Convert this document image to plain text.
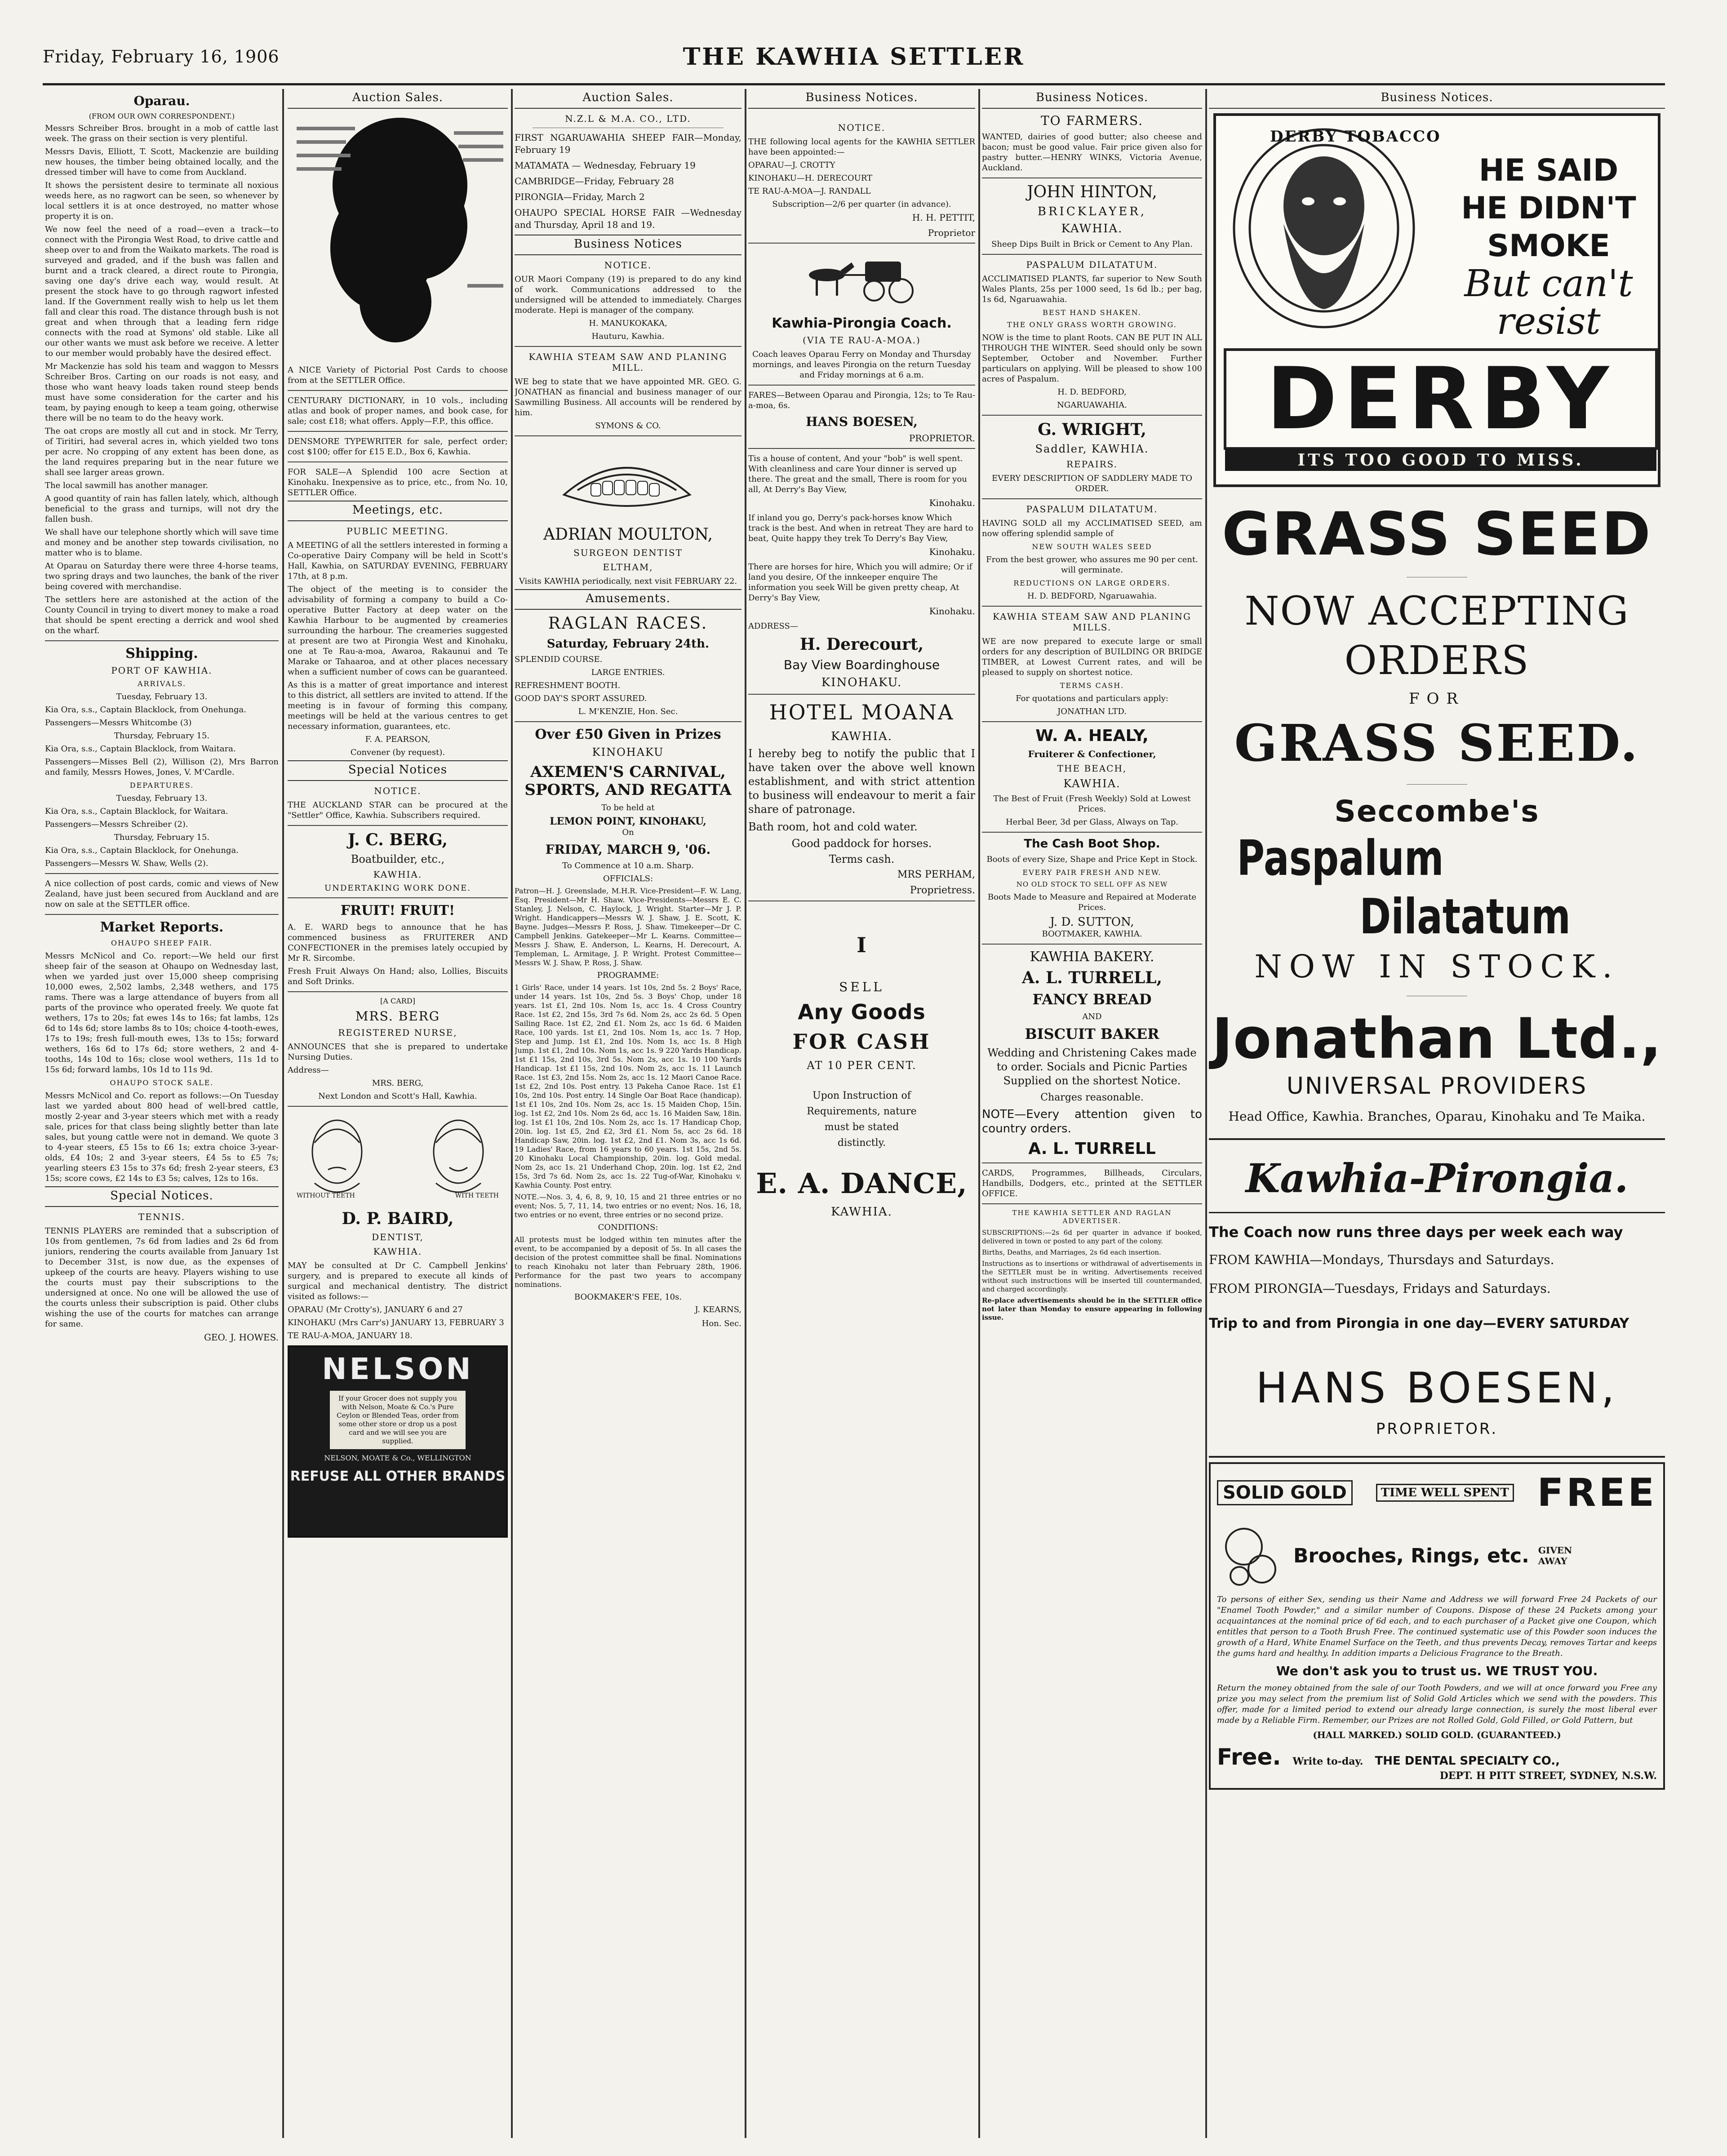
Friday, February 16, 1906	THE KAWHIA SETTLER
Oparau.
(FROM OUR OWN CORRESPONDENT.)

Messrs Schreiber Bros. brought in a mob of cattle last week. The grass on their section is very plentiful.

Messrs Davis, Elliott, T. Scott, Mackenzie are building new houses, the timber being obtained locally, and the dressed timber will have to come from Auckland.

It shows the persistent desire to terminate all noxious weeds here, as no ragwort can be seen, so whenever by local settlers it is at once destroyed, no matter whose property it is on.

We now feel the need of a road—even a track—to connect with the Pirongia West Road, to drive cattle and sheep over to and from the Waikato markets. The road is surveyed and graded, and if the bush was fallen and burnt and a track cleared, a direct route to Pirongia, saving one day's drive each way, would result. At present the stock have to go through ragwort infested land. If the Government really wish to help us let them fall and clear this road. The distance through bush is not great and when through that a leading fern ridge connects with the road at Symons' old stable. Like all our other wants we must ask before we receive. A letter to our member would probably have the desired effect.

Mr Mackenzie has sold his team and waggon to Messrs Schreiber Bros. Carting on our roads is not easy, and those who want heavy loads taken round steep bends must have some consideration for the carter and his team, by paying enough to keep a team going, otherwise there will be no team to do the heavy work.

The oat crops are mostly all cut and in stock. Mr Terry, of Tiritiri, had several acres in, which yielded two tons per acre. No cropping of any extent has been done, as the land requires preparing but in the near future we shall see larger areas grown.

The local sawmill has another manager.

A good quantity of rain has fallen lately, which, although beneficial to the grass and turnips, will not dry the fallen bush.

We shall have our telephone shortly which will save time and money and be another step towards civilisation, no matter who is to blame.

At Oparau on Saturday there were three 4-horse teams, two spring drays and two launches, the bank of the river being covered with merchandise.

The settlers here are astonished at the action of the County Council in trying to divert money to make a road that should be spent erecting a derrick and wool shed on the wharf.

Shipping.
PORT OF KAWHIA.
ARRIVALS.
Tuesday, February 13.
Kia Ora, s.s., Captain Blacklock, from Onehunga.
Passengers—Messrs Whitcombe (3)
Thursday, February 15.
Kia Ora, s.s., Captain Blacklock, from Waitara.
Passengers—Misses Bell (2), Willison (2), Mrs Barron and family, Messrs Howes, Jones, V. M'Cardle.
DEPARTURES.
Tuesday, February 13.
Kia Ora, s.s., Captain Blacklock, for Waitara.
Passengers—Messrs Schreiber (2).
Thursday, February 15.
Kia Ora, s.s., Captain Blacklock, for Onehunga.
Passengers—Messrs W. Shaw, Wells (2).

A nice collection of post cards, comic and views of New Zealand, have just been secured from Auckland and are now on sale at the SETTLER office.

Market Reports.
OHAUPO SHEEP FAIR.

Messrs McNicol and Co. report:—We held our first sheep fair of the season at Ohaupo on Wednesday last, when we yarded just over 15,000 sheep comprising 10,000 ewes, 2,502 lambs, 2,348 wethers, and 175 rams. There was a large attendance of buyers from all parts of the province who operated freely. We quote fat wethers, 17s to 20s; fat ewes 14s to 16s; fat lambs, 12s 6d to 14s 6d; store lambs 8s to 10s; choice 4-tooth-ewes, 17s to 19s; fresh full-mouth ewes, 13s to 15s; forward wethers, 16s 6d to 17s 6d; store wethers, 2 and 4-tooths, 14s 10d to 16s; close wool wethers, 11s 1d to 15s 6d; forward lambs, 10s 1d to 11s 9d.

OHAUPO STOCK SALE.

Messrs McNicol and Co. report as follows:—On Tuesday last we yarded about 800 head of well-bred cattle, mostly 2-year and 3-year steers which met with a ready sale, prices for that class being slightly better than late sales, but young cattle were not in demand. We quote 3 to 4-year steers, £5 15s to £6 1s; extra choice 3-year-olds, £4 10s; 2 and 3-year steers, £4 5s to £5 7s; yearling steers £3 15s to 37s 6d; fresh 2-year steers, £3 15s; score cows, £2 14s to £3 5s; calves, 12s to 16s.

Special Notices.
TENNIS.

TENNIS PLAYERS are reminded that a subscription of 10s from gentlemen, 7s 6d from ladies and 2s 6d from juniors, rendering the courts available from January 1st to December 31st, is now due, as the expenses of upkeep of the courts are heavy. Players wishing to use the courts must pay their subscriptions to the undersigned at once. No one will be allowed the use of the courts unless their subscription is paid. Other clubs wishing the use of the courts for matches can arrange for same.

GEO. J. HOWES.
Auction Sales.

A NICE Variety of Pictorial Post Cards to choose from at the SETTLER Office.

CENTURARY DICTIONARY, in 10 vols., including atlas and book of proper names, and book case, for sale; cost £18; what offers. Apply—F.P., this office.

DENSMORE TYPEWRITER for sale, perfect order; cost $100; offer for £15 E.D., Box 6, Kawhia.

FOR SALE—A Splendid 100 acre Section at Kinohaku. Inexpensive as to price, etc., from No. 10, SETTLER Office.

Meetings, etc.
PUBLIC MEETING.

A MEETING of all the settlers interested in forming a Co-operative Dairy Company will be held in Scott's Hall, Kawhia, on SATURDAY EVENING, FEBRUARY 17th, at 8 p.m.

The object of the meeting is to consider the advisability of forming a company to build a Co-operative Butter Factory at deep water on the Kawhia Harbour to be augmented by creameries surrounding the harbour. The creameries suggested at present are two at Pirongia West and Kinohaku, one at Te Rau-a-moa, Awaroa, Rakaunui and Te Marake or Tahaaroa, and at other places necessary when a sufficient number of cows can be guaranteed.

As this is a matter of great importance and interest to this district, all settlers are invited to attend. If the meeting is in favour of forming this company, meetings will be held at the various centres to get necessary information, guarantees, etc.

F. A. PEARSON,
Convener (by request).
Special Notices
NOTICE.

THE AUCKLAND STAR can be procured at the "Settler" Office, Kawhia. Subscribers required.

J. C. BERG,
Boatbuilder, etc.,
KAWHIA.
UNDERTAKING WORK DONE.
FRUIT! FRUIT!

A. E. WARD begs to announce that he has commenced business as FRUITERER AND CONFECTIONER in the premises lately occupied by Mr R. Sircombe.

Fresh Fruit Always On Hand; also, Lollies, Biscuits and Soft Drinks.

[A CARD]
MRS. BERG
REGISTERED NURSE,

ANNOUNCES that she is prepared to undertake Nursing Duties.

Address—
MRS. BERG,
Next London and Scott's Hall, Kawhia.
WITHOUT TEETH	WITH TEETH
D. P. BAIRD,
DENTIST,
KAWHIA.

MAY be consulted at Dr C. Campbell Jenkins' surgery, and is prepared to execute all kinds of surgical and mechanical dentistry. The district visited as follows:—

OPARAU (Mr Crotty's), JANUARY 6 and 27

KINOHAKU (Mrs Carr's) JANUARY 13, FEBRUARY 3

TE RAU-A-MOA, JANUARY 18.

NELSON
If your Grocer does not supply you with Nelson, Moate & Co.'s Pure Ceylon or Blended Teas, order from some other store or drop us a post card and we will see you are supplied.
NELSON, MOATE & Co., WELLINGTON
REFUSE ALL OTHER BRANDS
Auction Sales.
N.Z.L & M.A. CO., LTD.

FIRST NGARUAWAHIA SHEEP FAIR—Monday, February 19

MATAMATA — Wednesday, February 19

CAMBRIDGE—Friday, February 28

PIRONGIA—Friday, March 2

OHAUPO SPECIAL HORSE FAIR —Wednesday and Thursday, April 18 and 19.

Business Notices
NOTICE.

OUR Maori Company (19) is prepared to do any kind of work. Communications addressed to the undersigned will be attended to immediately. Charges moderate. Hepi is manager of the company.

H. MANUKOKAKA,
Hauturu, Kawhia.
KAWHIA STEAM SAW AND PLANING MILL.

WE beg to state that we have appointed MR. GEO. G. JONATHAN as financial and business manager of our Sawmilling Business. All accounts will be rendered by him.

SYMONS & CO.
ADRIAN MOULTON,
SURGEON DENTIST
ELTHAM,

Visits KAWHIA periodically, next visit FEBRUARY 22.

Amusements.
RAGLAN RACES.
Saturday, February 24th.
SPLENDID COURSE.
LARGE ENTRIES.
REFRESHMENT BOOTH.
GOOD DAY'S SPORT ASSURED.
L. M'KENZIE, Hon. Sec.
Over £50 Given in Prizes
KINOHAKU
AXEMEN'S CARNIVAL, SPORTS, AND REGATTA
To be held at
LEMON POINT, KINOHAKU,
On
FRIDAY, MARCH 9, '06.
To Commence at 10 a.m. Sharp.
OFFICIALS:

Patron—H. J. Greenslade, M.H.R. Vice-President—F. W. Lang, Esq. President—Mr H. Shaw. Vice-Presidents—Messrs E. C. Stanley, J. Nelson, C. Haylock, J. Wright. Starter—Mr J. P. Wright. Handicappers—Messrs W. J. Shaw, J. E. Scott, K. Bayne. Judges—Messrs P. Ross, J. Shaw. Timekeeper—Dr C. Campbell Jenkins. Gatekeeper—Mr L. Kearns. Committee—Messrs J. Shaw, E. Anderson, L. Kearns, H. Derecourt, A. Templeman, L. Armitage, J. P. Wright. Protest Committee—Messrs W. J. Shaw, P. Ross, J. Shaw.

PROGRAMME:

1 Girls' Race, under 14 years. 1st 10s, 2nd 5s. 2 Boys' Race, under 14 years. 1st 10s, 2nd 5s. 3 Boys' Chop, under 18 years. 1st £1, 2nd 10s. Nom 1s, acc 1s. 4 Cross Country Race. 1st £2, 2nd 15s, 3rd 7s 6d. Nom 2s, acc 2s 6d. 5 Open Sailing Race. 1st £2, 2nd £1. Nom 2s, acc 1s 6d. 6 Maiden Race, 100 yards. 1st £1, 2nd 10s. Nom 1s, acc 1s. 7 Hop, Step and Jump. 1st £1, 2nd 10s. Nom 1s, acc 1s. 8 High Jump. 1st £1, 2nd 10s. Nom 1s, acc 1s. 9 220 Yards Handicap. 1st £1 15s, 2nd 10s, 3rd 5s. Nom 2s, acc 1s. 10 100 Yards Handicap. 1st £1 15s, 2nd 10s. Nom 2s, acc 1s. 11 Launch Race. 1st £3, 2nd 15s. Nom 2s, acc 1s. 12 Maori Canoe Race. 1st £2, 2nd 10s. Post entry. 13 Pakeha Canoe Race. 1st £1 10s, 2nd 10s. Post entry. 14 Single Oar Boat Race (handicap). 1st £1 10s, 2nd 10s. Nom 2s, acc 1s. 15 Maiden Chop, 15in. log. 1st £2, 2nd 10s. Nom 2s 6d, acc 1s. 16 Maiden Saw, 18in. log. 1st £1 10s, 2nd 10s. Nom 2s, acc 1s. 17 Handicap Chop, 20in. log. 1st £5, 2nd £2, 3rd £1. Nom 5s, acc 2s 6d. 18 Handicap Saw, 20in. log. 1st £2, 2nd £1. Nom 3s, acc 1s 6d. 19 Ladies' Race, from 16 years to 60 years. 1st 15s, 2nd 5s. 20 Kinohaku Local Championship, 20in. log. Gold medal. Nom 2s, acc 1s. 21 Underhand Chop, 20in. log. 1st £2, 2nd 15s, 3rd 7s 6d. Nom 2s, acc 1s. 22 Tug-of-War, Kinohaku v. Kawhia County. Post entry.

NOTE.—Nos. 3, 4, 6, 8, 9, 10, 15 and 21 three entries or no event; Nos. 5, 7, 11, 14, two entries or no event; Nos. 16, 18, two entries or no event, three entries or no second prize.

CONDITIONS:

All protests must be lodged within ten minutes after the event, to be accompanied by a deposit of 5s. In all cases the decision of the protest committee shall be final. Nominations to reach Kinohaku not later than February 28th, 1906. Performance for the past two years to accompany nominations.

BOOKMAKER'S FEE, 10s.
J. KEARNS,
Hon. Sec.
Business Notices.
NOTICE.

THE following local agents for the KAWHIA SETTLER have been appointed:—

OPARAU—J. CROTTY
KINOHAKU—H. DERECOURT
TE RAU-A-MOA—J. RANDALL
Subscription—2/6 per quarter (in advance).
H. H. PETTIT,
Proprietor
Kawhia-Pirongia Coach.
(VIA TE RAU-A-MOA.)

Coach leaves Oparau Ferry on Monday and Thursday mornings, and leaves Pirongia on the return Tuesday and Friday mornings at 6 a.m.

FARES—Between Oparau and Pirongia, 12s; to Te Rau-a-moa, 6s.

HANS BOESEN,
PROPRIETOR.

Tis a house of content, And your "bob" is well spent. With cleanliness and care Your dinner is served up there. The great and the small, There is room for you all, At Derry's Bay View,

Kinohaku.

If inland you go, Derry's pack-horses know Which track is the best. And when in retreat They are hard to beat, Quite happy they trek To Derry's Bay View,

Kinohaku.

There are horses for hire, Which you will admire; Or if land you desire, Of the innkeeper enquire The information you seek Will be given pretty cheap, At Derry's Bay View,

Kinohaku.
ADDRESS—
H. Derecourt,
Bay View Boardinghouse
KINOHAKU.
HOTEL MOANA
KAWHIA.

I hereby beg to notify the public that I have taken over the above well known establishment, and with strict attention to business will endeavour to merit a fair share of patronage.

Bath room, hot and cold water.

Good paddock for horses.
Terms cash.
MRS PERHAM,
Proprietress.
I
SELL
Any Goods
FOR CASH
AT 10 PER CENT.
Upon Instruction of
Requirements, nature
must be stated
distinctly.
E. A. DANCE,
KAWHIA.
Business Notices.
TO FARMERS.

WANTED, dairies of good butter; also cheese and bacon; must be good value. Fair price given also for pastry butter.—HENRY WINKS, Victoria Avenue, Auckland.

JOHN HINTON,
BRICKLAYER,
KAWHIA.

Sheep Dips Built in Brick or Cement to Any Plan.

PASPALUM DILATATUM.

ACCLIMATISED PLANTS, far superior to New South Wales Plants, 25s per 1000 seed, 1s 6d lb.; per bag, 1s 6d, Ngaruawahia.

BEST HAND SHAKEN.
THE ONLY GRASS WORTH GROWING.

NOW is the time to plant Roots. CAN BE PUT IN ALL THROUGH THE WINTER. Seed should only be sown September, October and November. Further particulars on applying. Will be pleased to show 100 acres of Paspalum.

H. D. BEDFORD,
NGARUAWAHIA.
G. WRIGHT,
Saddler, KAWHIA.
REPAIRS.

EVERY DESCRIPTION OF SADDLERY MADE TO ORDER.

PASPALUM DILATATUM.

HAVING SOLD all my ACCLIMATISED SEED, am now offering splendid sample of

NEW SOUTH WALES SEED

From the best grower, who assures me 90 per cent. will germinate.

REDUCTIONS ON LARGE ORDERS.
H. D. BEDFORD, Ngaruawahia.
KAWHIA STEAM SAW AND PLANING MILLS.

WE are now prepared to execute large or small orders for any description of BUILDING OR BRIDGE TIMBER, at Lowest Current rates, and will be pleased to supply on shortest notice.

TERMS CASH.
For quotations and particulars apply:
JONATHAN LTD.
W. A. HEALY,
Fruiterer & Confectioner,
THE BEACH,
KAWHIA.

The Best of Fruit (Fresh Weekly) Sold at Lowest Prices.

Herbal Beer, 3d per Glass, Always on Tap.

The Cash Boot Shop.

Boots of every Size, Shape and Price Kept in Stock.

EVERY PAIR FRESH AND NEW.
NO OLD STOCK TO SELL OFF AS NEW

Boots Made to Measure and Repaired at Moderate Prices.

J. D. SUTTON,
BOOTMAKER, KAWHIA.
KAWHIA BAKERY.
A. L. TURRELL,
FANCY BREAD
AND
BISCUIT BAKER

Wedding and Christening Cakes made to order. Socials and Picnic Parties Supplied on the shortest Notice.

Charges reasonable.

NOTE—Every attention given to country orders.

A. L. TURRELL

CARDS, Programmes, Billheads, Circulars, Handbills, Dodgers, etc., printed at the SETTLER OFFICE.

THE KAWHIA SETTLER AND RAGLAN ADVERTISER.

SUBSCRIPTIONS:—2s 6d per quarter in advance if booked, delivered in town or posted to any part of the colony.

Births, Deaths, and Marriages, 2s 6d each insertion.

Instructions as to insertions or withdrawal of advertisements in the SETTLER must be in writing. Advertisements received without such instructions will be inserted till countermanded, and charged accordingly.

Re-place advertisements should be in the SETTLER office not later than Monday to ensure appearing in following issue.

Business Notices.
DERBY TOBACCO
HE SAID
HE DIDN'T
SMOKE
But can't
resist
DERBY
ITS TOO GOOD TO MISS.
GRASS SEED
NOW ACCEPTING ORDERS
FOR
GRASS SEED.
Seccombe's
Paspalum
Dilatatum
NOW IN STOCK.
Jonathan Ltd.,
UNIVERSAL PROVIDERS
Head Office, Kawhia. Branches, Oparau, Kinohaku and Te Maika.
Kawhia-Pirongia.
The Coach now runs three days per week each way
FROM KAWHIA—Mondays, Thursdays and Saturdays.
FROM PIRONGIA—Tuesdays, Fridays and Saturdays.
Trip to and from Pirongia in one day—EVERY SATURDAY
HANS BOESEN,
PROPRIETOR.
SOLID GOLD	TIME WELL SPENT FREE
Brooches, Rings, etc. GIVEN AWAY

To persons of either Sex, sending us their Name and Address we will forward Free 24 Packets of our "Enamel Tooth Powder," and a similar number of Coupons. Dispose of these 24 Packets among your acquaintances at the nominal price of 6d each, and to each purchaser of a Packet give one Coupon, which entitles that person to a Tooth Brush Free. The continued systematic use of this Powder soon induces the growth of a Hard, White Enamel Surface on the Teeth, and thus prevents Decay, removes Tartar and keeps the gums hard and healthy. In addition imparts a Delicious Fragrance to the Breath.

We don't ask you to trust us. WE TRUST YOU.

Return the money obtained from the sale of our Tooth Powders, and we will at once forward you Free any prize you may select from the premium list of Solid Gold Articles which we send with the powders. This offer, made for a limited period to extend our already large connection, is surely the most liberal ever made by a Reliable Firm. Remember, our Prizes are not Rolled Gold, Gold Filled, or Gold Pattern, but

(HALL MARKED.) SOLID GOLD. (GUARANTEED.)
Free. Write to-day. THE DENTAL SPECIALTY CO.,
DEPT. H PITT STREET, SYDNEY, N.S.W.
